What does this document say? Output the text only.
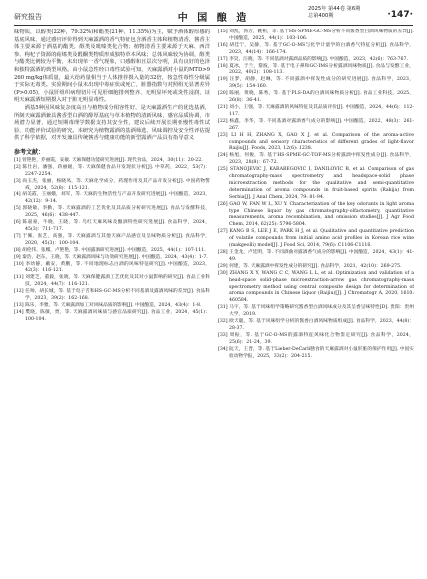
研究报告	中 国 酿 造
2025年 第44卷 第6期
总第400期	·147·

味物质，以醇类(22种，79.32%)和酯类(21种，11.35%)为主，赋予酒体醇厚感的基底风味，通过感官评价得到天麻露酒的香气特征包含酒香主体和植物清香，酱香主体主要来源于酒基的酯类，醇类及吡嗪类化合物；植物清香主要来源于天麻、西洋参、枸杞子资源的萜烯类及醛酮类物质形成独特草本风味；总体风味较为协调，醇类与酯类比例较为平衡，未出现单一香气现象，口感醇和且层次分明，具有良好的色泽和独特露酒的典型风格。由小鼠急性经口毒性试验可知，天麻露酒对小鼠的MTD>9 260 mg/kg体质量，最大给药量相当于人体推荐摄入量的32倍，按急性毒性分级属于实际无毒类。实验期间小鼠未出现中毒症状或死亡，脏器指数与对照组无显著差异(P>0.05)，小鼠肝组织病理切片可见肝细胞排列整齐、无明显坏死或炎性浸润，证明天麻露酒短期摄入对于脏无明显毒性。

酒基5种因风味复杂度高且与植物成分相容性好，是天麻露酒生产的优选基酒，所制天麻露酒兼具酱香型白酒的醇厚基底与草本植物的清新风味，感官品质协调，市场潜力显著，通过短期毒理学数据支持其安全性，建议后续开展长期亚慢性毒性试验、功能评价试验的研究。本研究为植物露酒的基酒筛选、风味调控及安全性评估提供了科学依据，对开发兼具传统酱香与健康功能的新型露酒产品具有指导意义

参考文献：

[1] 曾艳艳，乔丽霞，安敏. 天麻保健功能研究进展[J]. 现代食品，2024，30(11)：20-22.

[2] 陈仕岩，潘强，蒋丽媛，等. 天麻保健食品开发现状分析[J]. 中草药，2022，53(7)：2247-2254.

[3] 尚玉杰，张丽，杨晓凤，等. 天麻化学成分，药理作用及其产品开发分析[J]. 中国药物警戒，2024，52(8)：115-121.

[4] 胡美霞，王丽娥，刘军，等. 天麻的生物活性与产品开发研究进展[J]. 中国酿造，2023，42(12)：9-14.

[5] 郭晓敏，李勤，等. 天麻露酒的工艺优化及其品质分析研究进展[J]. 食品与发酵科技，2025，46(6)：438-447.

[6] 陈嘉豪，牛晓，王晓，等. 乌红天麻风味及酿酒特性研究进展[J]. 食品科学，2024，45(3)：711-717.

[7] 于佩，张艺，高强，等. 天麻露酒与其他天麻产品感官及呈味物质分析[J]. 食品科学，2020，45(3)：100-104.

[8] 胡伦伟，张娜，卢艳艳，等. 中国露酒研究进展[J]. 中国酿造，2025，44(1)：107-111.

[9] 秦浩，赵东，王晓，等. 天麻露酒风味与功效研究进展[J]. 中国酿造，2024，43(4)：1-7.

[10] 李幼静，戴安，黄鹏，等. 不同地理标志白酒的风味特征研究[J]. 中国酿造，2023，42(3)：116-121.

[11] 刘建芝，董毅，张晓，等. 天麻保健露酒工艺优化及其对小鼠影响的研究[J]. 食品工业科技，2024，44(7)：116-121.

[12] 任帅，胡长城，等. 基于电子舌和HS-GC-MS分析不同基酒及露酒风味的差异[J]. 食品科学，2023，39(2)：162-168.

[13] 陈乐，李雅，等. 天麻露酒加工对风味品质的影响[J]. 中国酿造，2024，43(4)：1-8.

[14] 樊晓，陈敏，贾，等. 天麻露酒风味质与感官品质研究[J]. 食品工业，2024，45(1)：100-104.

[15] 刘凯，汤芳，姚祖，等. 基于HS-SPME-GC-MS分析不同酱香型白酒风味物质的差异[J]. 中国酿造，2025，44(1)：103-106.

[16] 胡佳宁，吴静，等. 基于GC-O-MS与化学计量学的白酒香气特征分析[J]. 食品科学，2023，44(14)：166-174.

[17] 李昊，汪晓，等. 不同基酒对露酒品质的影响[J]. 中国酿造，2023，42(6)：763-767.

[18] 夏冰，于兰，黎波，等. 基于电子鼻和GC-IMS分析露酒风味物质[J]. 食品与发酵工业，2022，40(2)：108-113.

[19] 汪梦，胡静，赵琳，等. 不同露酒中挥发性成分的研究进展[J]. 食品科学，2023，39(5)：154-160.

[20] 陈丽，黄晓，陈秀，等. 基于PLS-DA的白酒风味物质分析[J]. 食品工业科技，2025，26(8)：36-41.

[21] 刘小，王强，等. 天麻露酒的风味特征及其品质评价[J]. 中国酿造，2024，44(6)：112-117.

[22] 杨鑫，李华，等. 不同基酒对露酒香气成分的影响[J]. 中国酿造，2022，48(3)：261-267.

[23] LI H H, ZHANG X, GAO X J, et al. Comparison of the aroma-active compounds and sensory characteristics of different grades of light-flavor Baijiu[J]. Foods, 2023, 12(6): 1238.

[24] 杨旭，何俊，等. 基于HS-SPME-GC-TOF-MS分析露酒中挥发性成分[J]. 食品科学，2023，28(8)：67-72.

[25] STANOJEVIC J, KARABEGOVIC I, DANILOVIC B, et al. Comparison of gas chromatography-mass spectrometry and headspace-solid phase microextraction methods for the qualitative and semi-quantitative determination of aroma compounds in fruit-based spirits (Rakija) from Serbia[J]. J Anal Chem, 2024, 79: 81-94.

[26] GAO W, FAN W L, XU Y. Characterization of the key odorants in light aroma type Chinese liquor by gas chromatography-olfactometry, quantitative measurements, aroma recombination, and omission studies[J]. J Agr Food Chem, 2014, 62(25): 5796-5804.

[27] KANG B S, LEE J E, PARK H J, et al. Qualitative and quantitative prediction of volatile compounds from initial amino acid profiles in Korean rice wine (makgeolli) model[J]. J Food Sci, 2014, 79(6): C1106-C1116.

[28] 王金龙，卢廷明，等. 不同酒曲对露酒香气成分的影响[J]. 中国酿造，2024，43(1)：41-49.

[29] 何建，等. 天麻露酒中挥发性成分的研究[J]. 食品科学，2021，42(10)：269-275.

[30] ZHANG X Y, WANG C C, WANG L L, et al. Optimization and validation of a head-space solid-phase microextraction-arrow gas chromatography-mass spectrometry method using central composite design for determination of aroma compounds in Chinese liquor (Baijiu)[J]. J Chromatogr A, 2020, 1610: 460584.

[31] 马宇，等. 基于风味组学策略研究酱香型白酒风味成分及其呈香呈味特性[D]. 贵阳：贵州大学，2019.

[32] 欧天聪，等. 基于风味组学分析的酱香白酒风味物质组成[J]. 食品科学，2023，44(8)：28-37.

[33] 周振，等. 基于GC-O-MS的露酒特征风味化合物鉴定研究[J]. 食品科学，2024，25(6)：21-24，39.

[34] 阮天，王晋，等. 基于Lieber-DeCarli膳食的天麻露酒对小鼠肝脏的保护作用[J]. 中国实验动物学报，2025，33(2)：204-215.
